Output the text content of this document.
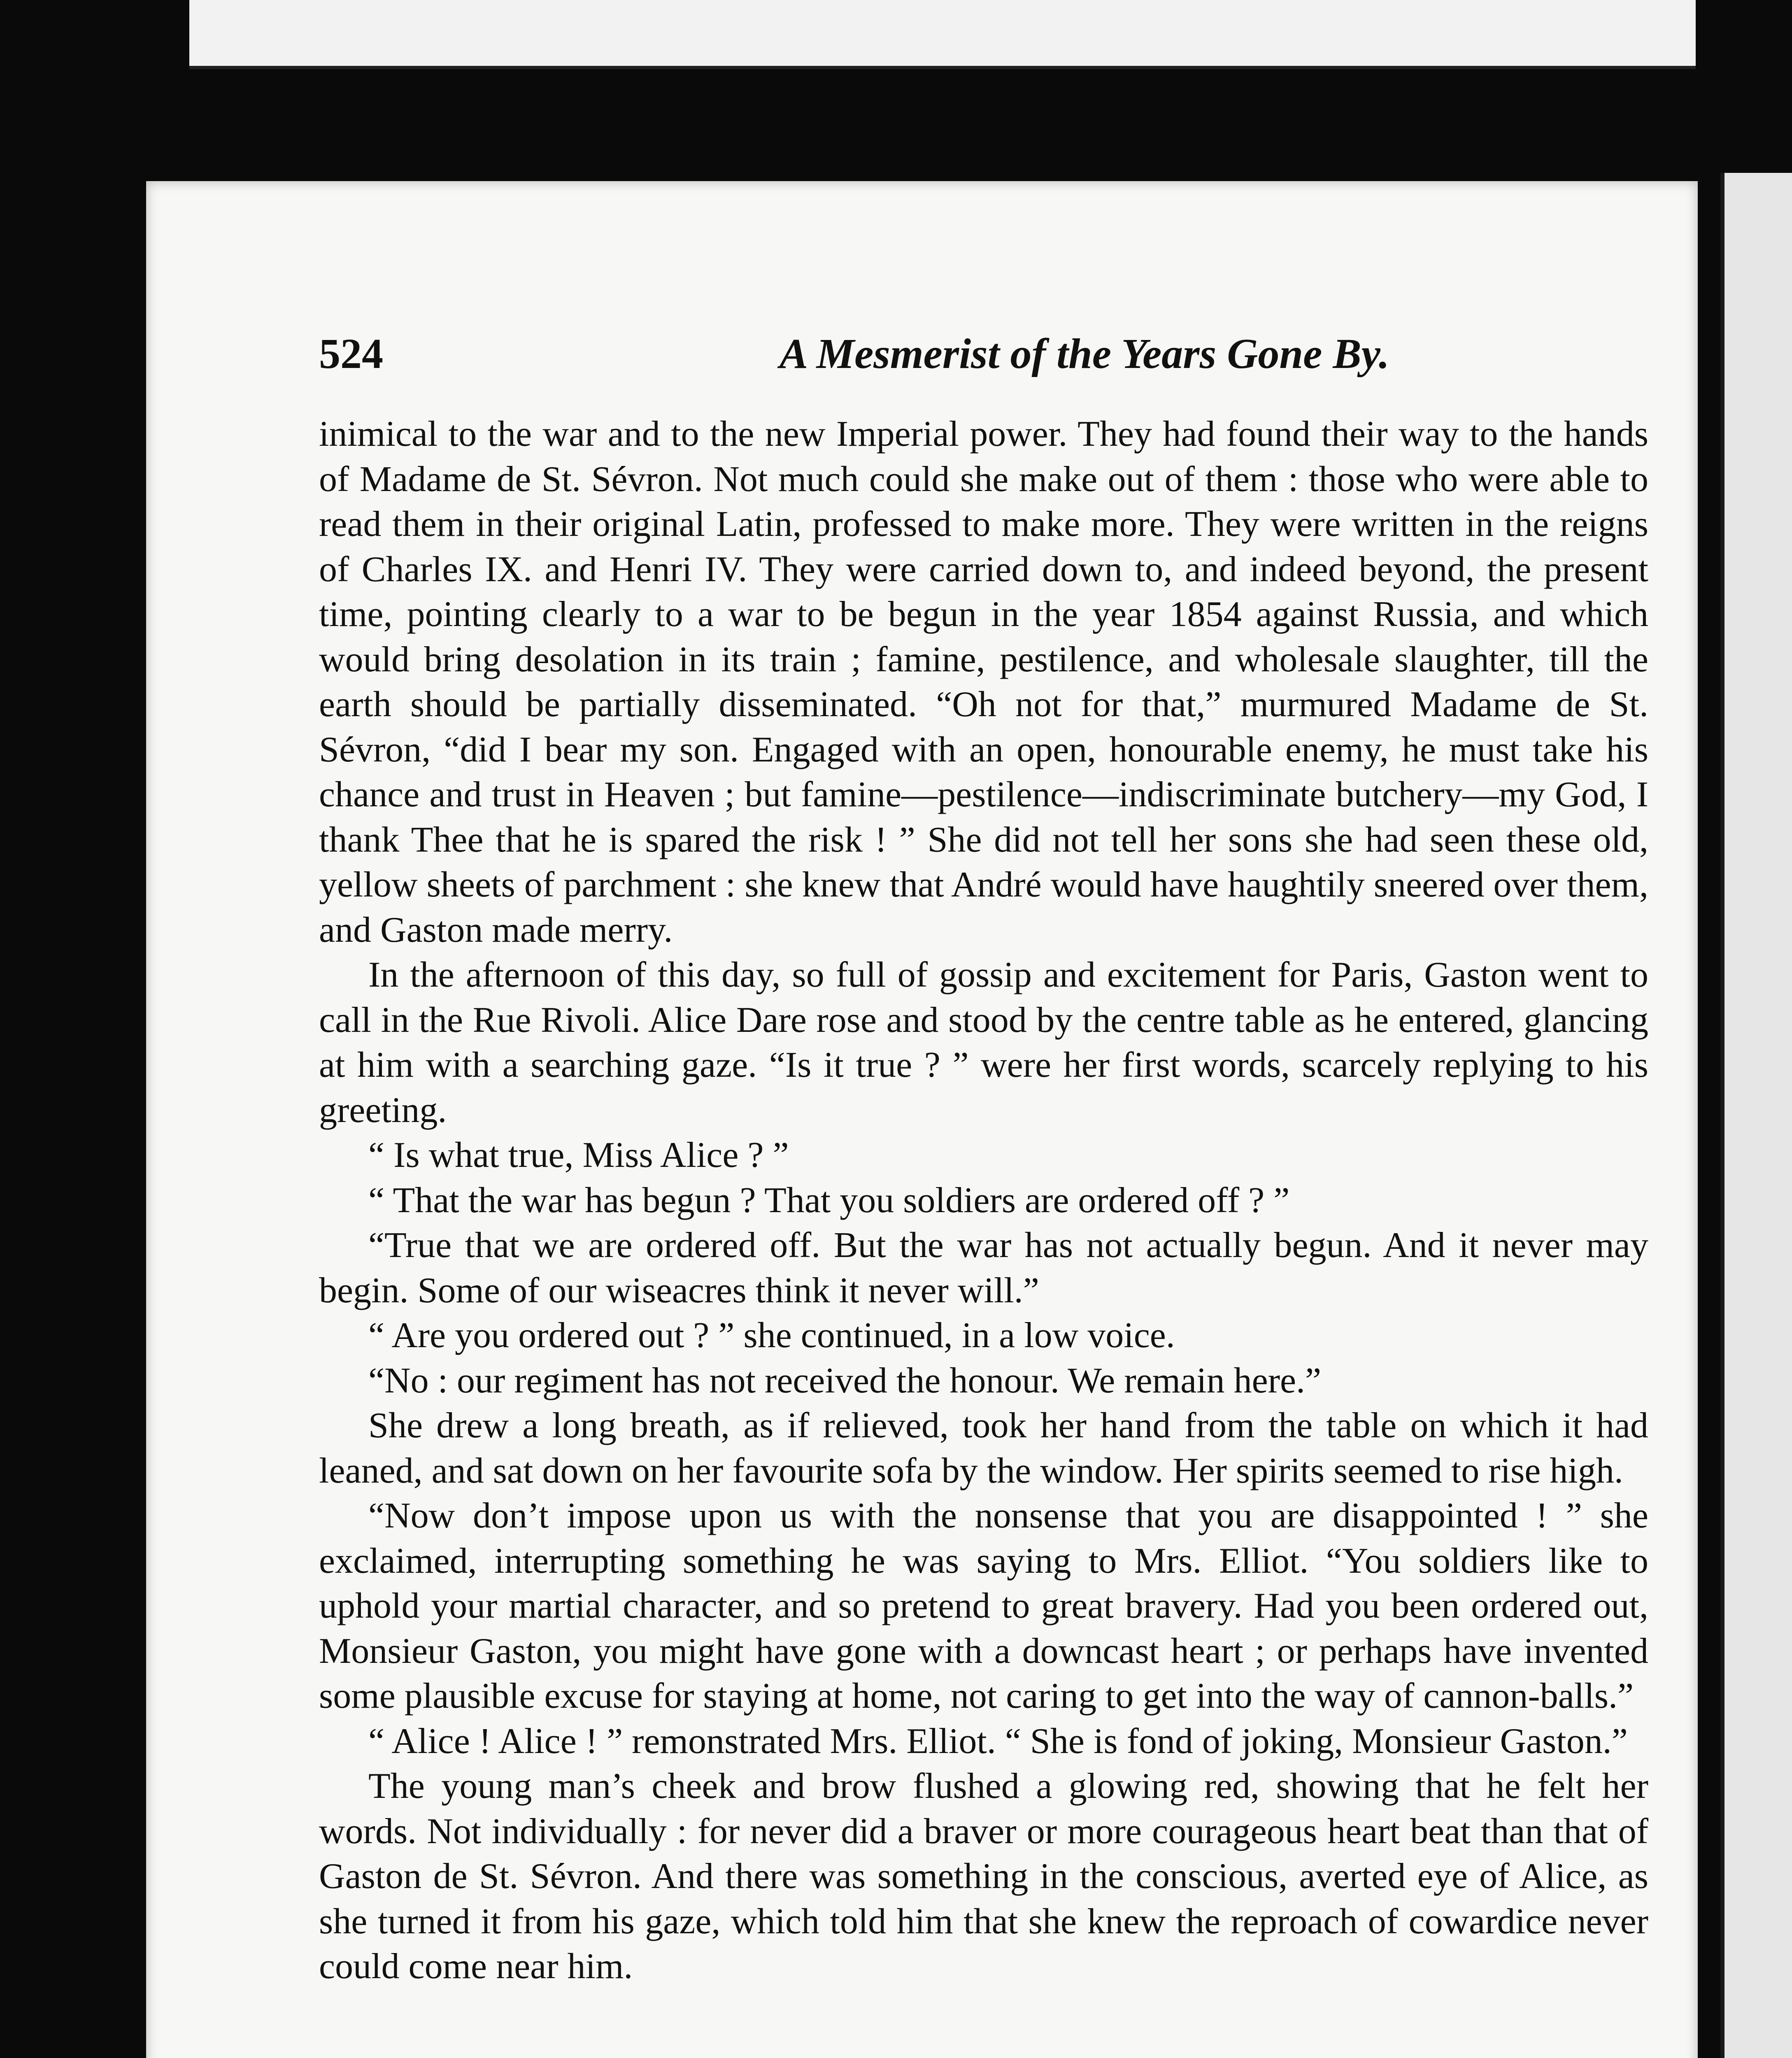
524	A Mesmerist of the Years Gone By.

inimical to the war and to the new Imperial power. They had found their way to the hands of Madame de St. Sévron. Not much could she make out of them : those who were able to read them in their original Latin, professed to make more. They were written in the reigns of Charles IX. and Henri IV. They were carried down to, and indeed beyond, the present time, pointing clearly to a war to be begun in the year 1854 against Russia, and which would bring desolation in its train ; famine, pestilence, and wholesale slaughter, till the earth should be partially disseminated. “Oh not for that,” murmured Madame de St. Sévron, “did I bear my son. Engaged with an open, honourable enemy, he must take his chance and trust in Heaven ; but famine—pestilence—indiscriminate butchery—my God, I thank Thee that he is spared the risk ! ” She did not tell her sons she had seen these old, yellow sheets of parchment : she knew that André would have haughtily sneered over them, and Gaston made merry.

In the afternoon of this day, so full of gossip and excitement for Paris, Gaston went to call in the Rue Rivoli. Alice Dare rose and stood by the centre table as he entered, glancing at him with a searching gaze. “Is it true ? ” were her first words, scarcely replying to his greeting.

“ Is what true, Miss Alice ? ”

“ That the war has begun ? That you soldiers are ordered off ? ”

“True that we are ordered off. But the war has not actually begun. And it never may begin. Some of our wiseacres think it never will.”

“ Are you ordered out ? ” she continued, in a low voice.

“No : our regiment has not received the honour. We remain here.”

She drew a long breath, as if relieved, took her hand from the table on which it had leaned, and sat down on her favourite sofa by the window. Her spirits seemed to rise high.

“Now don’t impose upon us with the nonsense that you are disappointed ! ” she exclaimed, interrupting something he was saying to Mrs. Elliot. “You soldiers like to uphold your martial character, and so pretend to great bravery. Had you been ordered out, Monsieur Gaston, you might have gone with a downcast heart ; or perhaps have invented some plausible excuse for staying at home, not caring to get into the way of cannon-balls.”

“ Alice ! Alice ! ” remonstrated Mrs. Elliot. “ She is fond of joking, Monsieur Gaston.”

The young man’s cheek and brow flushed a glowing red, showing that he felt her words. Not individually : for never did a braver or more courageous heart beat than that of Gaston de St. Sévron. And there was something in the conscious, averted eye of Alice, as she turned it from his gaze, which told him that she knew the reproach of cowardice never could come near him.
